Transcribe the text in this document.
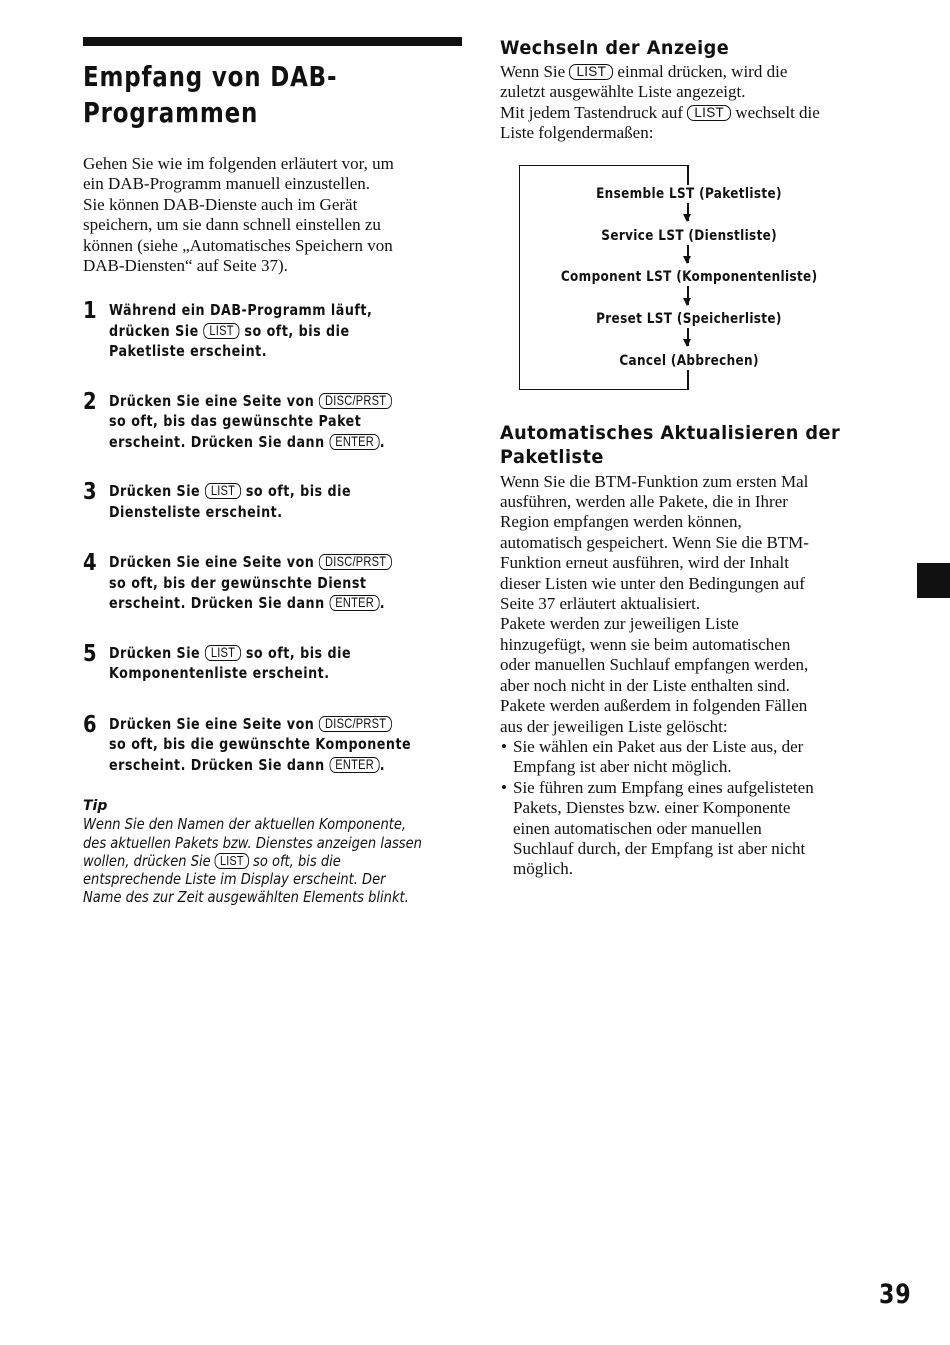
Empfang von DAB-
Programmen

Gehen Sie wie im folgenden erläutert vor, um
ein DAB-Programm manuell einzustellen.
Sie können DAB-Dienste auch im Gerät
speichern, um sie dann schnell einstellen zu
können (siehe „Automatisches Speichern von
DAB-Diensten“ auf Seite 37).

1 Während ein DAB-Programm läuft,
drücken Sie LIST so oft, bis die
Paketliste erscheint.
2 Drücken Sie eine Seite von DISC/PRST
so oft, bis das gewünschte Paket
erscheint. Drücken Sie dann ENTER .
3 Drücken Sie LIST so oft, bis die
Diensteliste erscheint.
4 Drücken Sie eine Seite von DISC/PRST
so oft, bis der gewünschte Dienst
erscheint. Drücken Sie dann ENTER .
5 Drücken Sie LIST so oft, bis die
Komponentenliste erscheint.
6 Drücken Sie eine Seite von DISC/PRST
so oft, bis die gewünschte Komponente
erscheint. Drücken Sie dann ENTER .
Tip

Wenn Sie den Namen der aktuellen Komponente,
des aktuellen Pakets bzw. Dienstes anzeigen lassen
wollen, drücken Sie LIST so oft, bis die
entsprechende Liste im Display erscheint. Der
Name des zur Zeit ausgewählten Elements blinkt.

Wechseln der Anzeige

Wenn Sie LIST einmal drücken, wird die
zuletzt ausgewählte Liste angezeigt.
Mit jedem Tastendruck auf LIST wechselt die
Liste folgendermaßen:

Ensemble LST (Paketliste)
Service LST (Dienstliste)
Component LST (Komponentenliste)
Preset LST (Speicherliste)
Cancel (Abbrechen)
Automatisches Aktualisieren der
Paketliste

Wenn Sie die BTM-Funktion zum ersten Mal
ausführen, werden alle Pakete, die in Ihrer
Region empfangen werden können,
automatisch gespeichert. Wenn Sie die BTM-
Funktion erneut ausführen, wird der Inhalt
dieser Listen wie unter den Bedingungen auf
Seite 37 erläutert aktualisiert.
Pakete werden zur jeweiligen Liste
hinzugefügt, wenn sie beim automatischen
oder manuellen Suchlauf empfangen werden,
aber noch nicht in der Liste enthalten sind.
Pakete werden außerdem in folgenden Fällen
aus der jeweiligen Liste gelöscht:

• Sie wählen ein Paket aus der Liste aus, der
Empfang ist aber nicht möglich.
• Sie führen zum Empfang eines aufgelisteten
Pakets, Dienstes bzw. einer Komponente
einen automatischen oder manuellen
Suchlauf durch, der Empfang ist aber nicht
möglich.
39
